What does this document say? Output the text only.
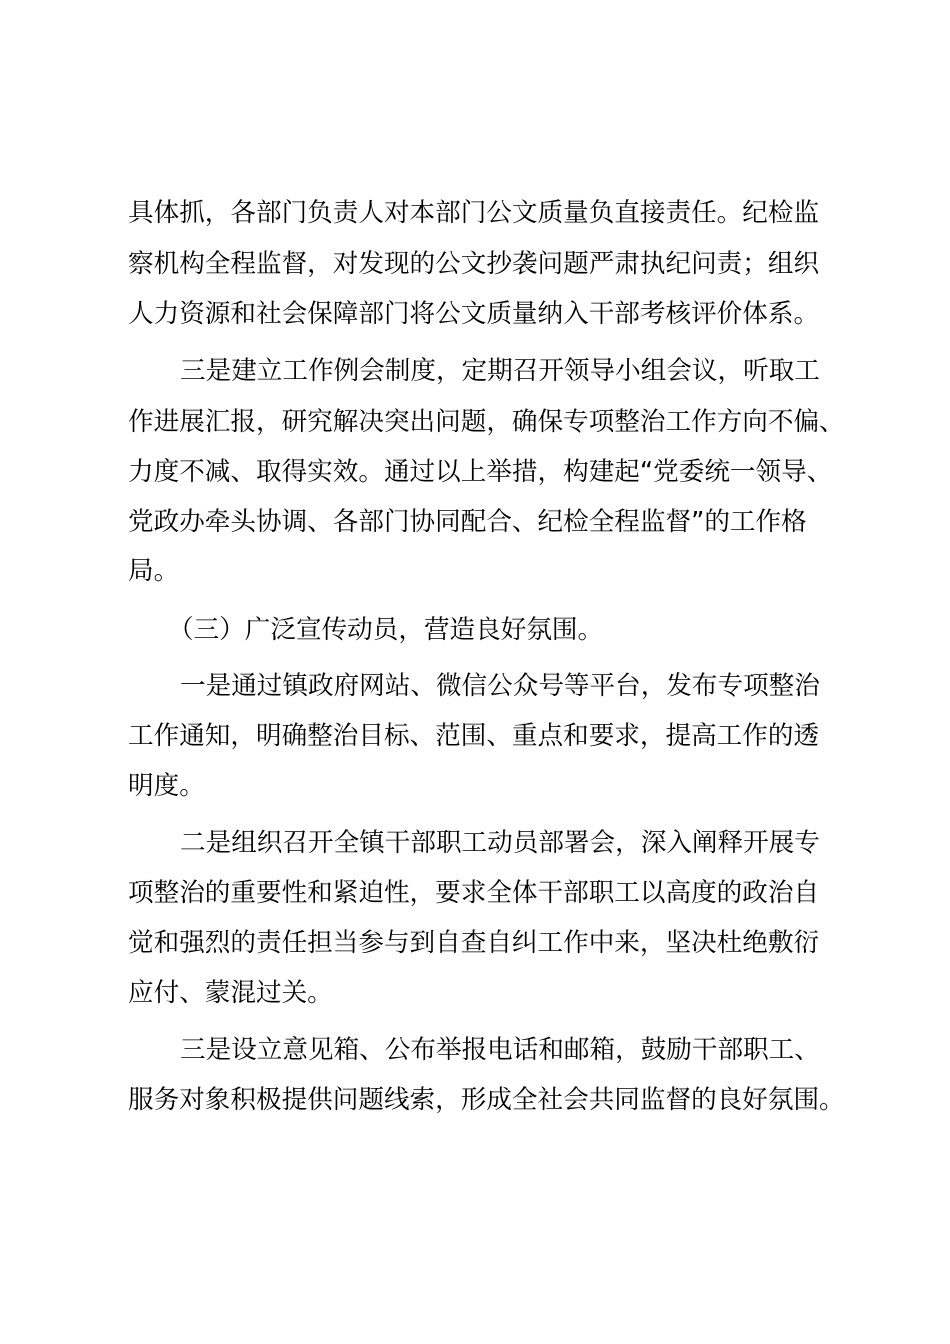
具体抓，各部门负责人对本部门公文质量负直接责任。纪检监

察机构全程监督，对发现的公文抄袭问题严肃执纪问责；组织

人力资源和社会保障部门将公文质量纳入干部考核评价体系。

三是建立工作例会制度，定期召开领导小组会议，听取工

作进展汇报，研究解决突出问题，确保专项整治工作方向不偏、

力度不减、取得实效。通过以上举措，构建起“党委统一领导、

党政办牵头协调、各部门协同配合、纪检全程监督”的工作格

局。

（三）广泛宣传动员，营造良好氛围。

一是通过镇政府网站、微信公众号等平台，发布专项整治

工作通知，明确整治目标、范围、重点和要求，提高工作的透

明度。

二是组织召开全镇干部职工动员部署会，深入阐释开展专

项整治的重要性和紧迫性，要求全体干部职工以高度的政治自

觉和强烈的责任担当参与到自查自纠工作中来，坚决杜绝敷衍

应付、蒙混过关。

三是设立意见箱、公布举报电话和邮箱，鼓励干部职工、

服务对象积极提供问题线索，形成全社会共同监督的良好氛围。
